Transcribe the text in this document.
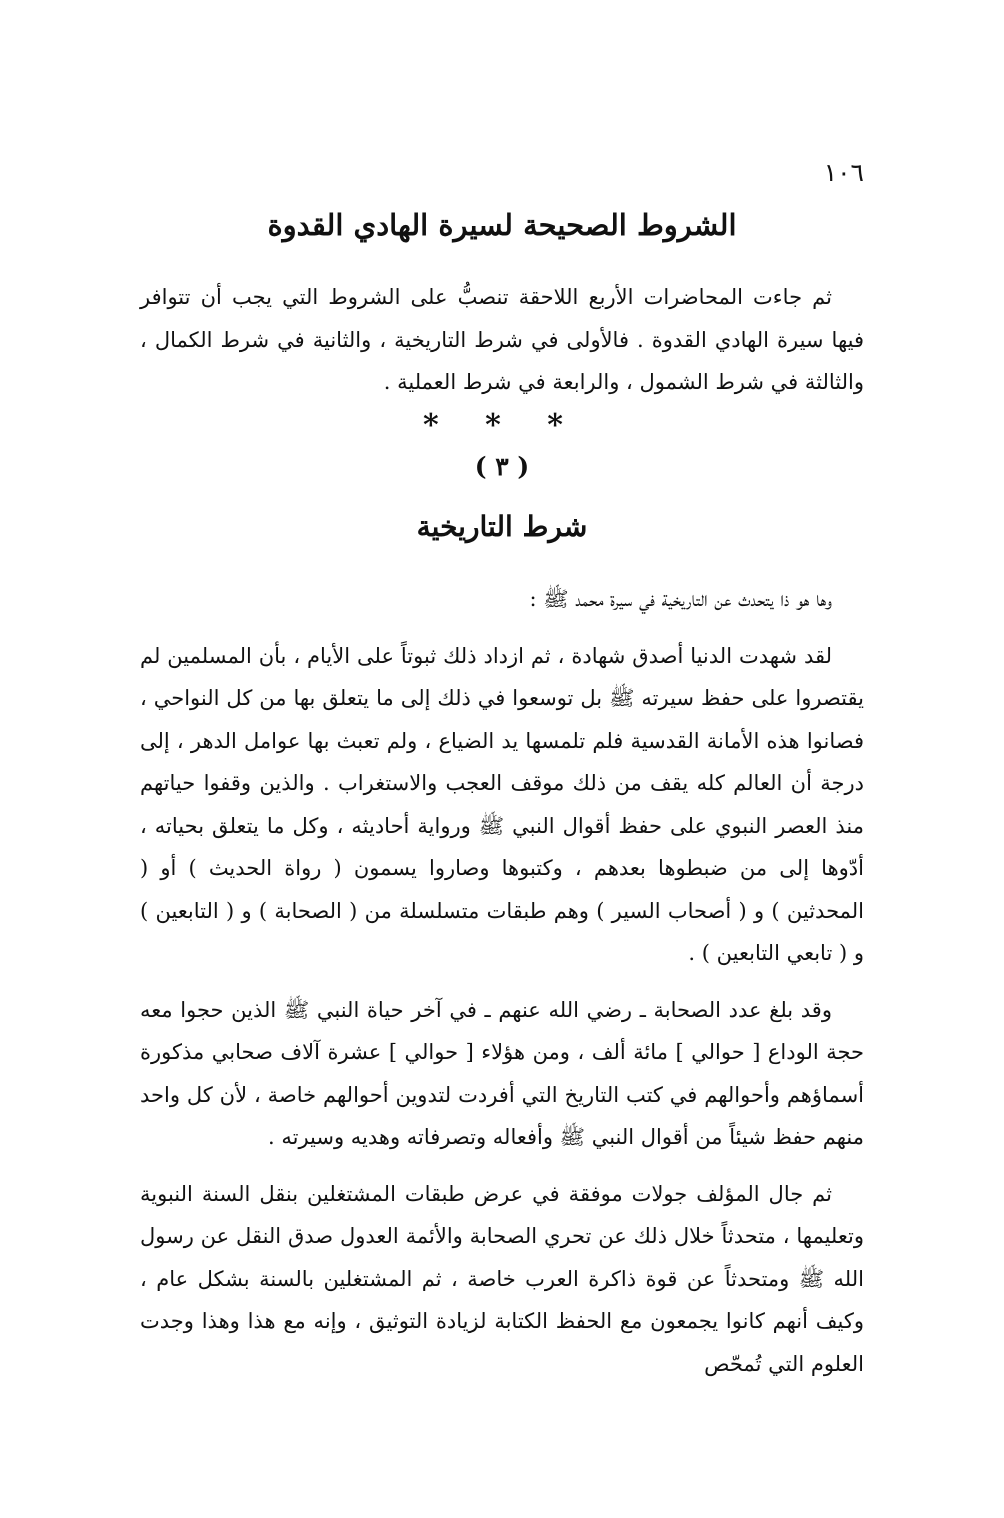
١٠٦
الشروط الصحيحة لسيرة الهادي القدوة

ثم جاءت المحاضرات الأربع اللاحقة تنصبُّ على الشروط التي يجب أن تتوافر فيها سيرة الهادي القدوة . فالأولى في شرط التاريخية ، والثانية في شرط الكمال ، والثالثة في شرط الشمول ، والرابعة في شرط العملية .

* * *
( ٣ )
شرط التاريخية

وها هو ذا يتحدث عن التاريخية في سيرة محمد ﷺ :

لقد شهدت الدنيا أصدق شهادة ، ثم ازداد ذلك ثبوتاً على الأيام ، بأن المسلمين لم يقتصروا على حفظ سيرته ﷺ بل توسعوا في ذلك إلى ما يتعلق بها من كل النواحي ، فصانوا هذه الأمانة القدسية فلم تلمسها يد الضياع ، ولم تعبث بها عوامل الدهر ، إلى درجة أن العالم كله يقف من ذلك موقف العجب والاستغراب . والذين وقفوا حياتهم منذ العصر النبوي على حفظ أقوال النبي ﷺ ورواية أحاديثه ، وكل ما يتعلق بحياته ، أدّوها إلى من ضبطوها بعدهم ، وكتبوها وصاروا يسمون ( رواة الحديث ) أو ( المحدثين ) و ( أصحاب السير ) وهم طبقات متسلسلة من ( الصحابة ) و ( التابعين ) و ( تابعي التابعين ) .

وقد بلغ عدد الصحابة ـ رضي الله عنهم ـ في آخر حياة النبي ﷺ الذين حجوا معه حجة الوداع [ حوالي ] مائة ألف ، ومن هؤلاء [ حوالي ] عشرة آلاف صحابي مذكورة أسماؤهم وأحوالهم في كتب التاريخ التي أفردت لتدوين أحوالهم خاصة ، لأن كل واحد منهم حفظ شيئاً من أقوال النبي ﷺ وأفعاله وتصرفاته وهديه وسيرته .

ثم جال المؤلف جولات موفقة في عرض طبقات المشتغلين بنقل السنة النبوية وتعليمها ، متحدثاً خلال ذلك عن تحري الصحابة والأئمة العدول صدق النقل عن رسول الله ﷺ ومتحدثاً عن قوة ذاكرة العرب خاصة ، ثم المشتغلين بالسنة بشكل عام ، وكيف أنهم كانوا يجمعون مع الحفظ الكتابة لزيادة التوثيق ، وإنه مع هذا وهذا وجدت العلوم التي تُمحّص
